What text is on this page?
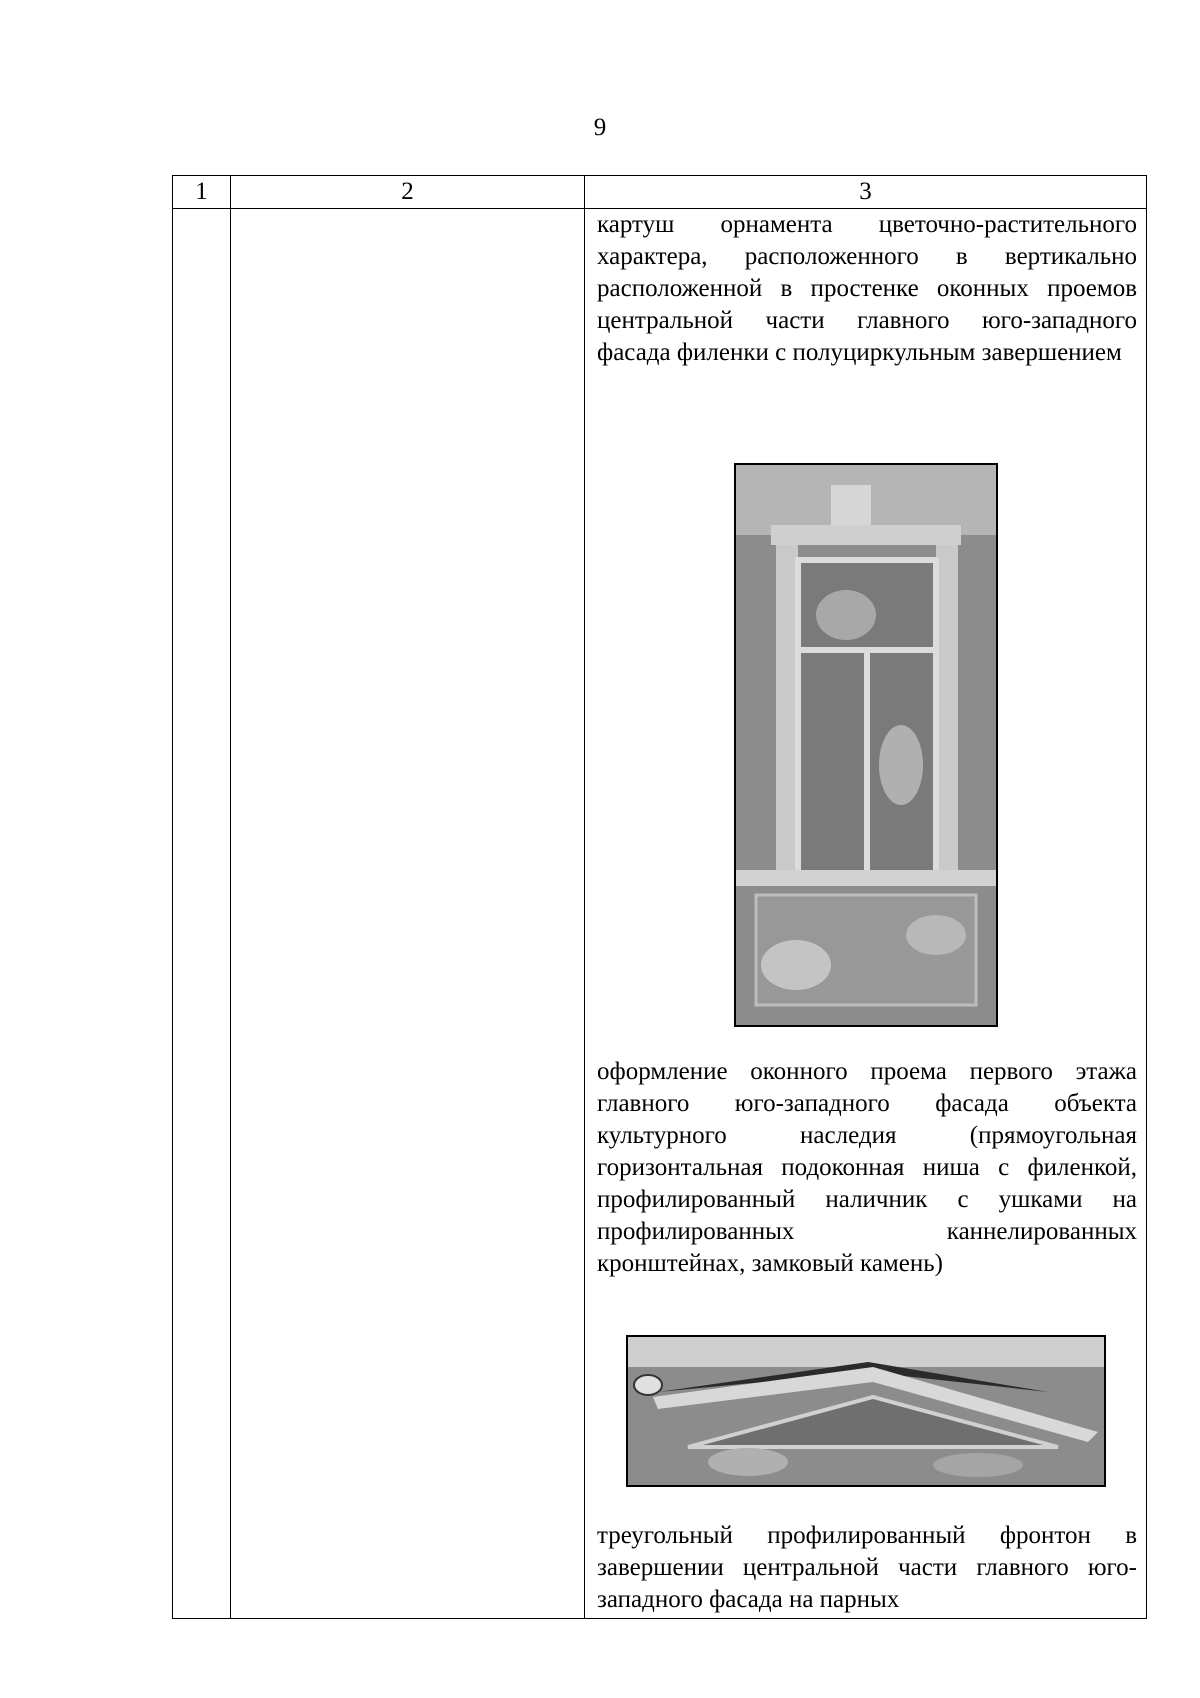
9
1	2	3

		картуш орнамента цветочно-растительного характера, расположенного в вертикально расположенной в простенке оконных проемов центральной части главного юго-западного фасада филенки с полуциркульным завершением

оформление оконного проема первого этажа главного юго-западного фасада объекта культурного наследия (прямоугольная горизонтальная подоконная ниша с филенкой, профилированный наличник с ушками на профилированных каннелированных кронштейнах, замковый камень)

треугольный профилированный фронтон в завершении центральной части главного юго-западного фасада на парных
